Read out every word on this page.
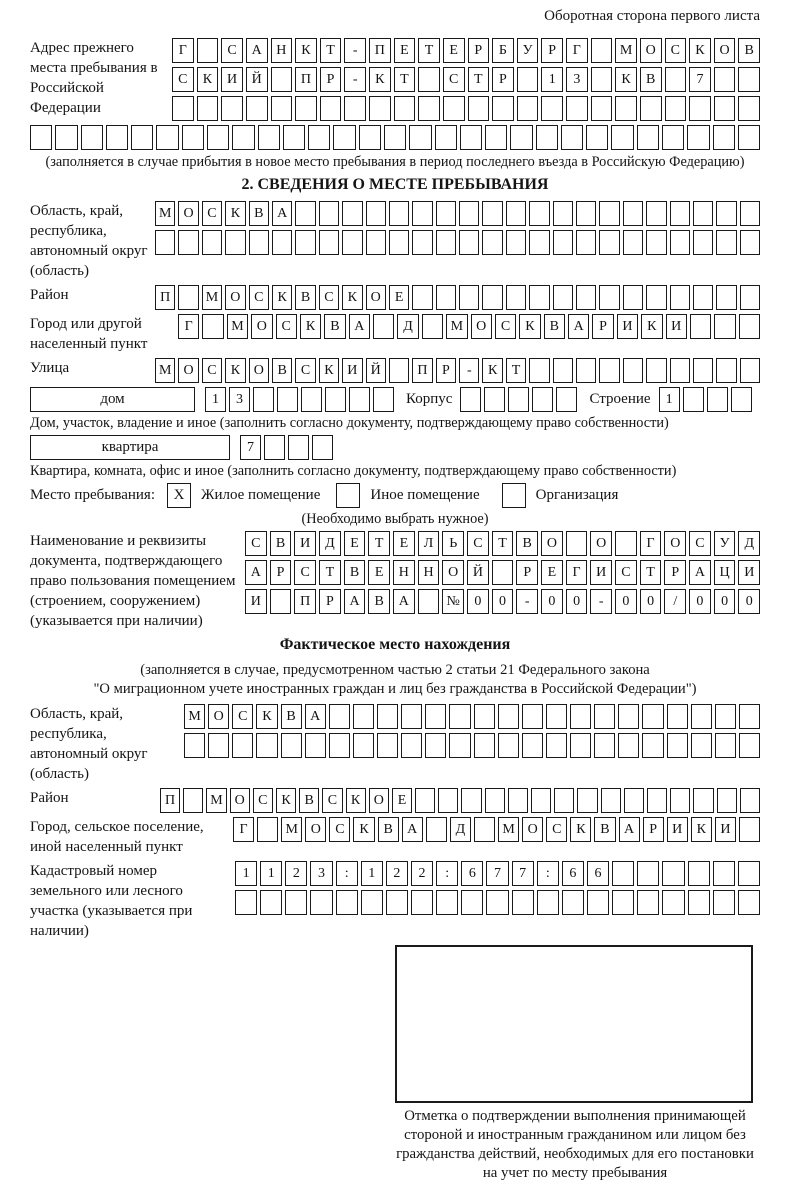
Оборотная сторона первого листа
Адрес прежнего места пребывания в Российской Федерации
Г	С	А	Н	К	Т	-	П	Е	Т	Е	Р	Б	У	Р	Г	М О	С	К	О	В
С	К	И	Й	П	Р	-	К	Т	С	Т	Р	1	3	К	В	7
(заполняется в случае прибытия в новое место пребывания в период последнего въезда в Российскую Федерацию)
2. СВЕДЕНИЯ О МЕСТЕ ПРЕБЫВАНИЯ
Область, край, республика, автономный округ (область)
М О С	К	В А
Район	П	М О С	К	В	С	К О	Е
Город или другой населенный пункт
Г	М О	С	К	В	А	Д	М О	С	К	В	А	Р	И	К	И
Улица	М О С	К О В	С	К И Й	П	Р	-	К	Т
дом	1	3	Корпус	Строение	1
Дом, участок, владение и иное (заполнить согласно документу, подтверждающему право собственности)
квартира	7
Квартира, комната, офис и иное (заполнить согласно документу, подтверждающему право собственности)
Место пребывания:	X	Жилое помещение	Иное помещение	Организация
(Необходимо выбрать нужное)
Наименование и реквизиты документа, подтверждающего право пользования помещением (строением, сооружением) (указывается при наличии)
С	В	И	Д	Е	Т	Е	Л	Ь	С	Т	В	О	О	Г	О	С	У	Д
А	Р	С	Т	В	Е	Н	Н	О	Й	Р	Е	Г	И	С	Т	Р	А	Ц	И
И	П	Р	А	В	А	№	0	0	-	0	0	-	0	0	/	0	0	0
Фактическое место нахождения
(заполняется в случае, предусмотренном частью 2 статьи 21 Федерального закона
"О миграционном учете иностранных граждан и лиц без гражданства в Российской Федерации")
Область, край, республика, автономный округ (область)
М О	С	К	В	А
Район	П	М О С К В С К О Е
Город, сельское поселение, иной населенный пункт
Г	М О	С	К	В	А	Д	М О	С	К	В	А	Р	И	К	И
Кадастровый номер земельного или лесного участка (указывается при наличии)
1	1	2	3	:	1	2	2	:	6	7	7	:	6	6
Отметка о подтверждении выполнения принимающей стороной и иностранным гражданином или лицом без гражданства действий, необходимых для его постановки на учет по месту пребывания
